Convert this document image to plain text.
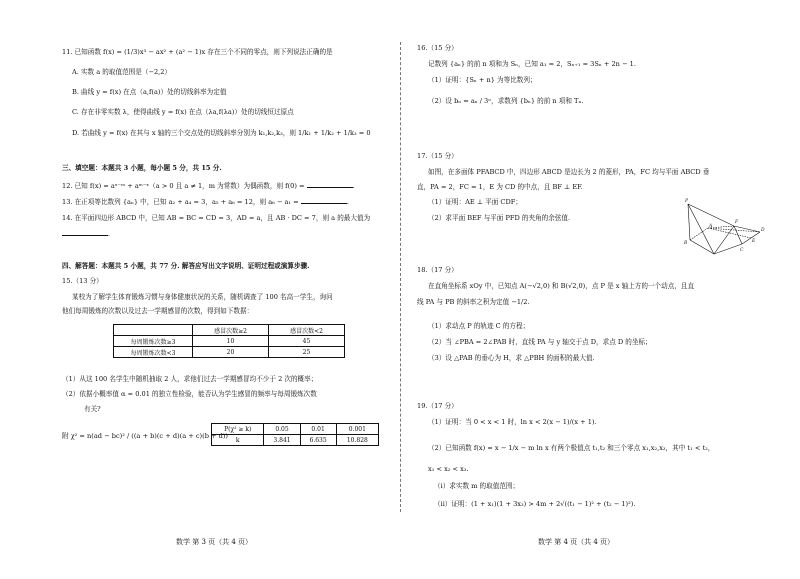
11. 已知函数 f(x) = (1/3)x³ − ax² + (a² − 1)x 存在三个不同的零点，则下列说法正确的是
A. 实数 a 的取值范围是（−2,2）
B. 曲线 y = f(x) 在点（a,f(a)）处的切线斜率为定值
C. 存在非零实数 λ，使得曲线 y = f(x) 在点（λa,f(λa)）处的切线恒过原点
D. 若曲线 y = f(x) 在其与 x 轴的三个交点处的切线斜率分别为 k₁,k₂,k₃，则 1/k₁ + 1/k₂ + 1/k₃ = 0
三、填空题：本题共 3 小题，每小题 5 分，共 15 分.
12. 已知 f(x) = aˣ⁻ᵐ + aᵐ⁻ˣ（a > 0 且 a ≠ 1，m 为常数）为偶函数，则 f(0) =	.
13. 在正项等比数列 {aₙ} 中，已知 a₂ + a₄ = 3，a₅ + a₆ = 12，则 a₆ − a₁ =	.
14. 在平面四边形 ABCD 中，已知 AB = BC = CD = 3，AD = a，且 AB · DC = 7，则 a 的最大值为
.
四、解答题：本题共 5 小题，共 77 分. 解答应写出文字说明、证明过程或演算步骤.
15.（13 分）
某校为了解学生体育锻炼习惯与身体健康状况的关系，随机调查了 100 名高一学生，询问
他们每周锻炼的次数以及过去一学期感冒的次数，得到如下数据：
	感冒次数≥2	感冒次数<2
每周锻炼次数≥3	10	45
每周锻炼次数<3	20	25
（1）从这 100 名学生中随机抽取 2 人，求他们过去一学期感冒均不少于 2 次的概率；
（2）依据小概率值 α = 0.01 的独立性检验，能否认为学生感冒的频率与每周锻炼次数
有关?
附 χ² = n(ad − bc)² / ((a + b)(c + d)(a + c)(b + d))
P(χ² ≥ k)	0.05	0.01	0.001
k	3.841	6.635	10.828
数学 第 3 页（共 4 页）
16.（15 分）
记数列 {aₙ} 的前 n 项和为 Sₙ，已知 a₁ = 2，Sₙ₊₁ = 3Sₙ + 2n − 1.
（1）证明：{Sₙ + n} 为等比数列；
（2）设 bₙ = aₙ / 3ⁿ，求数列 {bₙ} 的前 n 项和 Tₙ.
17.（15 分）
如图，在多面体 PFABCD 中，四边形 ABCD 是边长为 2 的菱形，PA，FC 均与平面 ABCD 垂
直，PA = 2，FC = 1，E 为 CD 的中点，且 BF ⊥ EF.
（1）证明：AE ⊥ 平面 CDF；
（2）求平面 BEF 与平面 PFD 的夹角的余弦值.
P
F
D
C
A
B	E
18.（17 分）
在直角坐标系 xOy 中，已知点 A(−√2,0) 和 B(√2,0)，点 P 是 x 轴上方的一个动点，且直
线 PA 与 PB 的斜率之积为定值 −1/2.
（1）求动点 P 的轨迹 C 的方程；
（2）当 ∠PBA = 2∠PAB 时，直线 PA 与 y 轴交于点 D，求点 D 的坐标；
（3）设 △PAB 的垂心为 H，求 △PBH 的面积的最大值.
19.（17 分）
（1）证明：当 0 < x < 1 时，ln x < 2(x − 1)/(x + 1).
（2）已知函数 f(x) = x − 1/x − m ln x 有两个极值点 t₁,t₂ 和三个零点 x₁,x₂,x₃，其中 t₁ < t₂，
x₁ < x₂ < x₃.
（ⅰ）求实数 m 的取值范围；
（ⅱ）证明：(1 + x₁)(1 + 3x₃) > 4m + 2√((t₁ − 1)² + (t₂ − 1)²).
数学 第 4 页（共 4 页）
